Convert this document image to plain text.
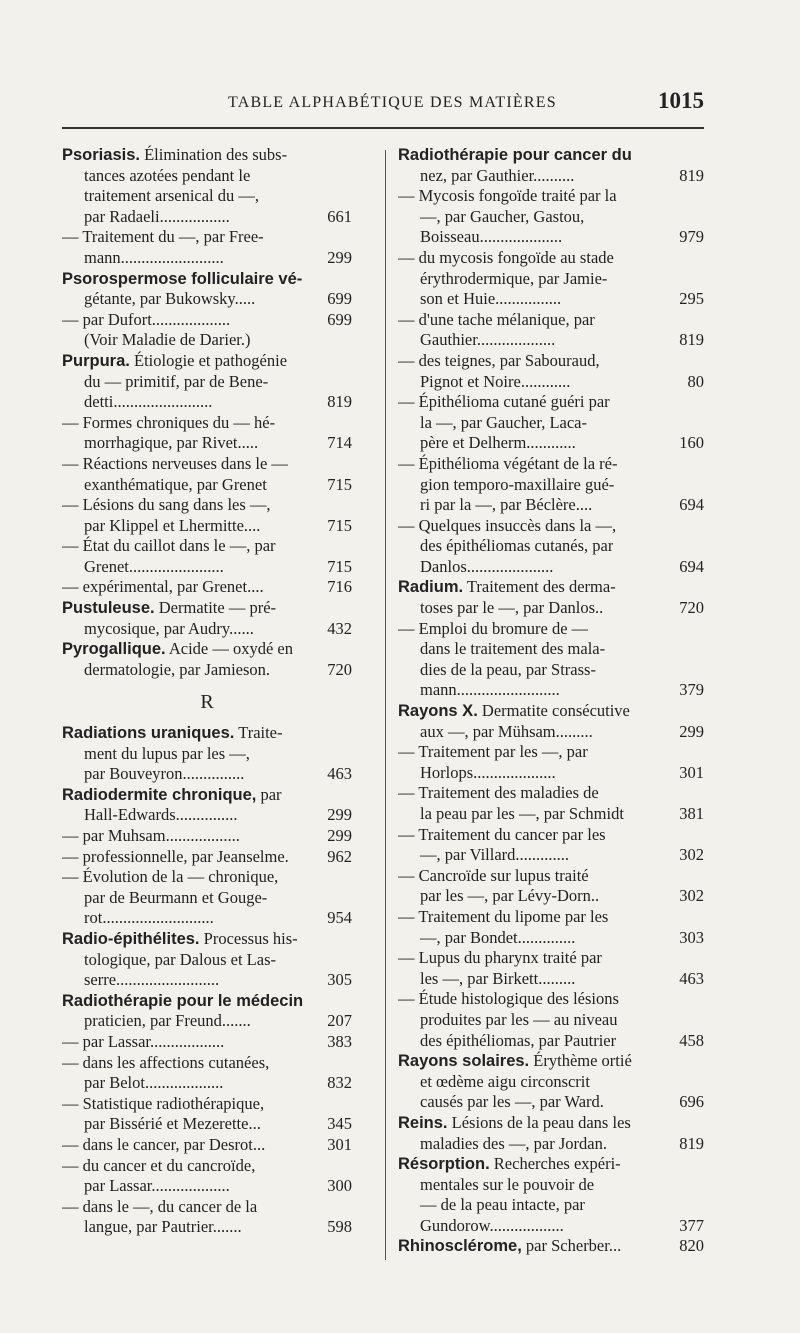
TABLE ALPHABÉTIQUE DES MATIÈRES	1015
Psoriasis. Élimination des subs-
tances azotées pendant le
traitement arsenical du —,
par Radaeli.................	661
— Traitement du —, par Free-
mann.........................	299
Psorospermose folliculaire vé-
gétante, par Bukowsky.....	699
— par Dufort...................	699
(Voir Maladie de Darier.)
Purpura. Étiologie et pathogénie
du — primitif, par de Bene-
detti........................	819
— Formes chroniques du — hé-
morrhagique, par Rivet.....	714
— Réactions nerveuses dans le —
exanthématique, par Grenet	715
— Lésions du sang dans les —,
par Klippel et Lhermitte....	715
— État du caillot dans le —, par
Grenet.......................	715
— expérimental, par Grenet....	716
Pustuleuse. Dermatite — pré-
mycosique, par Audry......	432
Pyrogallique. Acide — oxydé en
dermatologie, par Jamieson.	720
R
Radiations uraniques. Traite-
ment du lupus par les —,
par Bouveyron...............	463
Radiodermite chronique, par
Hall-Edwards...............	299
— par Muhsam..................	299
— professionnelle, par Jeanselme.	962
— Évolution de la — chronique,
par de Beurmann et Gouge-
rot...........................	954
Radio-épithélites. Processus his-
tologique, par Dalous et Las-
serre.........................	305
Radiothérapie pour le médecin
praticien, par Freund.......	207
— par Lassar..................	383
— dans les affections cutanées,
par Belot...................	832
— Statistique radiothérapique,
par Bissérié et Mezerette...	345
— dans le cancer, par Desrot...	301
— du cancer et du cancroïde,
par Lassar...................	300
— dans le —, du cancer de la
langue, par Pautrier.......	598
Radiothérapie pour cancer du
nez, par Gauthier..........	819
— Mycosis fongoïde traité par la
—, par Gaucher, Gastou,
Boisseau....................	979
— du mycosis fongoïde au stade
érythrodermique, par Jamie-
son et Huie................	295
— d'une tache mélanique, par
Gauthier...................	819
— des teignes, par Sabouraud,
Pignot et Noire............	80
— Épithélioma cutané guéri par
la —, par Gaucher, Laca-
père et Delherm............	160
— Épithélioma végétant de la ré-
gion temporo-maxillaire gué-
ri par la —, par Béclère....	694
— Quelques insuccès dans la —,
des épithéliomas cutanés, par
Danlos.....................	694
Radium. Traitement des derma-
toses par le —, par Danlos..	720
— Emploi du bromure de —
dans le traitement des mala-
dies de la peau, par Strass-
mann.........................	379
Rayons X. Dermatite consécutive
aux —, par Mühsam.........	299
— Traitement par les —, par
Horlops....................	301
— Traitement des maladies de
la peau par les —, par Schmidt	381
— Traitement du cancer par les
—, par Villard.............	302
— Cancroïde sur lupus traité
par les —, par Lévy-Dorn..	302
— Traitement du lipome par les
—, par Bondet..............	303
— Lupus du pharynx traité par
les —, par Birkett.........	463
— Étude histologique des lésions
produites par les — au niveau
des épithéliomas, par Pautrier	458
Rayons solaires. Érythème ortié
et œdème aigu circonscrit
causés par les —, par Ward.	696
Reins. Lésions de la peau dans les
maladies des —, par Jordan.	819
Résorption. Recherches expéri-
mentales sur le pouvoir de
— de la peau intacte, par
Gundorow..................	377
Rhinosclérome, par Scherber...	820
